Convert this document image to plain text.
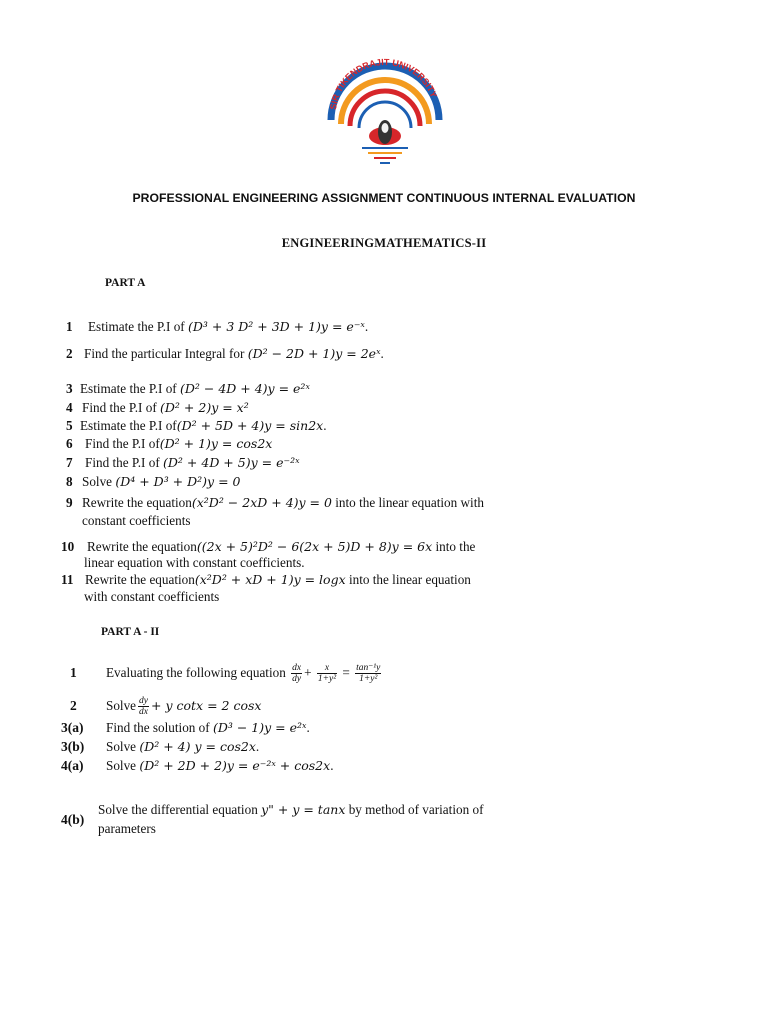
SIR TIKENDRAJIT UNIVERSITY
PROFESSIONAL ENGINEERING ASSIGNMENT CONTINUOUS INTERNAL EVALUATION
ENGINEERINGMATHEMATICS-II
PART A
1 Estimate the P.I of (D³ + 3 D² + 3D + 1)y = e⁻ˣ.
2 Find the particular Integral for (D² − 2D + 1)y = 2eˣ.
3 Estimate the P.I of (D² − 4D + 4)y = e²ˣ
4 Find the P.I of (D² + 2)y = x²
5 Estimate the P.I of(D² + 5D + 4)y = sin2x.
6 Find the P.I of(D² + 1)y = cos2x
7 Find the P.I of (D² + 4D + 5)y = e⁻²ˣ
8 Solve (D⁴ + D³ + D²)y = 0
9 Rewrite the equation(x²D² − 2xD + 4)y = 0 into the linear equation with
constant coefficients
10 Rewrite the equation((2x + 5)²D² − 6(2x + 5)D + 8)y = 6x into the
linear equation with constant coefficients.
11 Rewrite the equation(x²D² + xD + 1)y = logx into the linear equation
with constant coefficients
PART A - II
1 Evaluating the following equation $\frac{dx}{dy} + \frac{x}{\text{1+y²}} = \frac{\text{tan⁻¹y}}{\text{1+y²}}$
2 Solve $\frac{dy}{dx} + y$ cotx = 2 cosx
3(a) Find the solution of (D³ − 1)y = e²ˣ.
3(b) Solve (D² + 4) y = cos2x.
4(a) Solve (D² + 2D + 2)y = e⁻²ˣ + cos2x.
4(b)
Solve the differential equation y" + y = tanx by method of variation of
parameters
